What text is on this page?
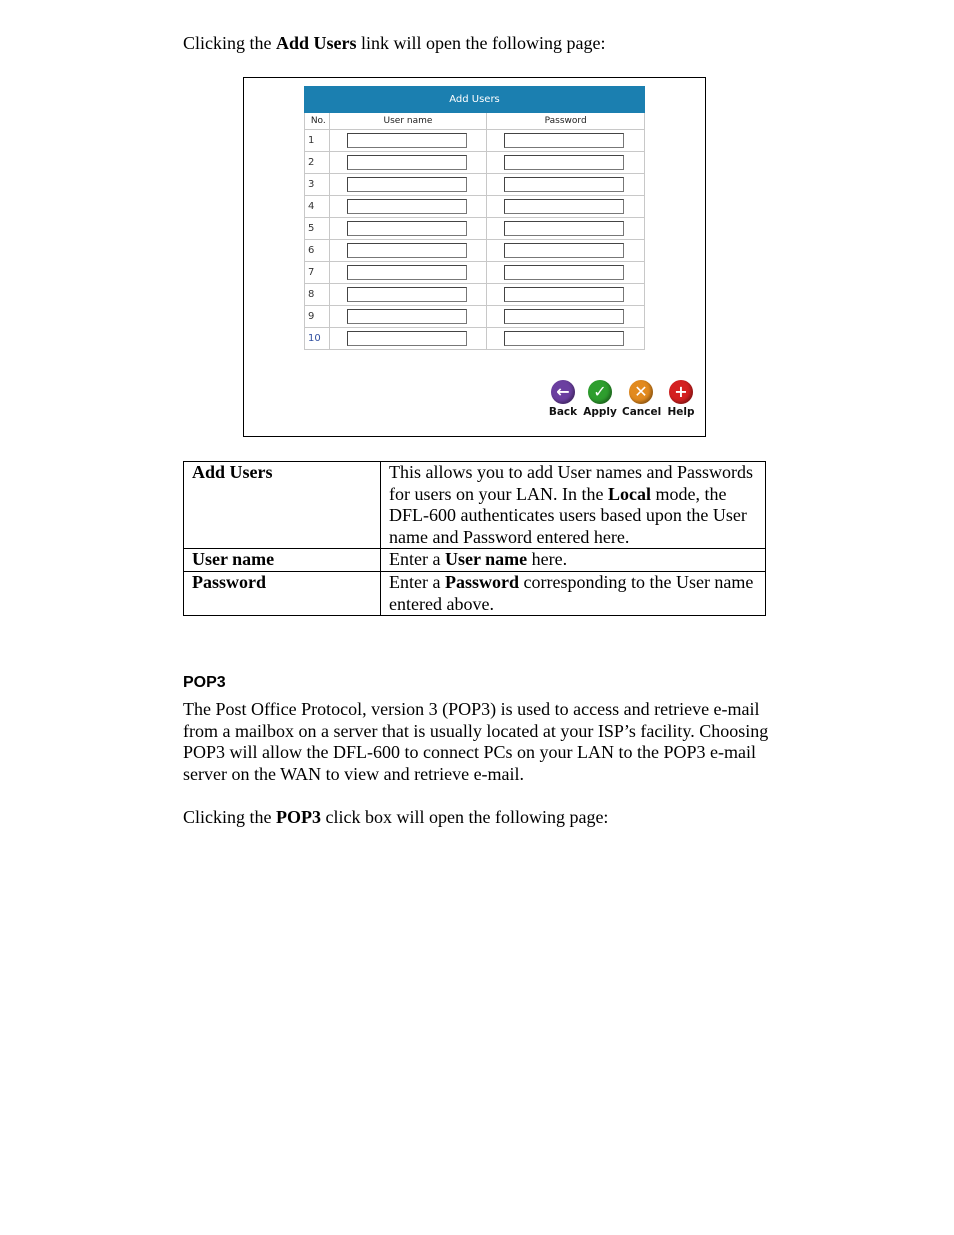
Clicking the Add Users link will open the following page:

Add Users		
No.	User name	Password
1		
2		
3		
4		
5		
6		
7		
8		
9		
10		
←
Back
✓
Apply
✕
Cancel
+
Help
Add Users	This allows you to add User names and Passwords for users on your LAN. In the Local mode, the DFL-600 authenticates users based upon the User name and Password entered here.
User name	Enter a User name here.
Password	Enter a Password corresponding to the User name entered above.
POP3

The Post Office Protocol, version 3 (POP3) is used to access and retrieve e-mail from a mailbox on a server that is usually located at your ISP’s facility. Choosing POP3 will allow the DFL-600 to connect PCs on your LAN to the POP3 e-mail server on the WAN to view and retrieve e-mail.

Clicking the POP3 click box will open the following page:
